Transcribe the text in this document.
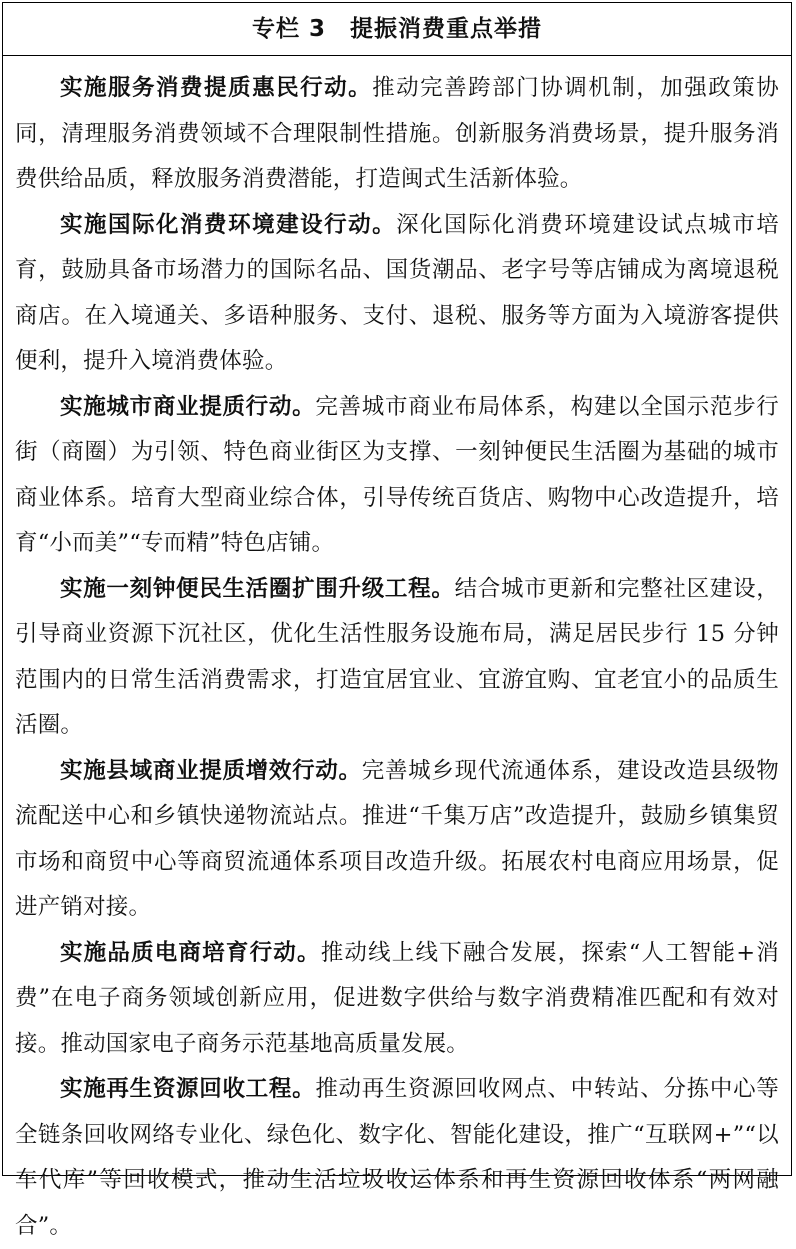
专栏 3　提振消费重点举措

实施服务消费提质惠民行动。推动完善跨部门协调机制，加强政策协同，清理服务消费领域不合理限制性措施。创新服务消费场景，提升服务消费供给品质，释放服务消费潜能，打造闽式生活新体验。

实施国际化消费环境建设行动。深化国际化消费环境建设试点城市培育，鼓励具备市场潜力的国际名品、国货潮品、老字号等店铺成为离境退税商店。在入境通关、多语种服务、支付、退税、服务等方面为入境游客提供便利，提升入境消费体验。

实施城市商业提质行动。完善城市商业布局体系，构建以全国示范步行街（商圈）为引领、特色商业街区为支撑、一刻钟便民生活圈为基础的城市商业体系。培育大型商业综合体，引导传统百货店、购物中心改造提升，培育“小而美”“专而精”特色店铺。

实施一刻钟便民生活圈扩围升级工程。结合城市更新和完整社区建设，引导商业资源下沉社区，优化生活性服务设施布局，满足居民步行 15 分钟范围内的日常生活消费需求，打造宜居宜业、宜游宜购、宜老宜小的品质生活圈。

实施县域商业提质增效行动。完善城乡现代流通体系，建设改造县级物流配送中心和乡镇快递物流站点。推进“千集万店”改造提升，鼓励乡镇集贸市场和商贸中心等商贸流通体系项目改造升级。拓展农村电商应用场景，促进产销对接。

实施品质电商培育行动。推动线上线下融合发展，探索“人工智能+消费”在电子商务领域创新应用，促进数字供给与数字消费精准匹配和有效对接。推动国家电子商务示范基地高质量发展。

实施再生资源回收工程。推动再生资源回收网点、中转站、分拣中心等全链条回收网络专业化、绿色化、数字化、智能化建设，推广“互联网+”“以车代库”等回收模式，推动生活垃圾收运体系和再生资源回收体系“两网融合”。
